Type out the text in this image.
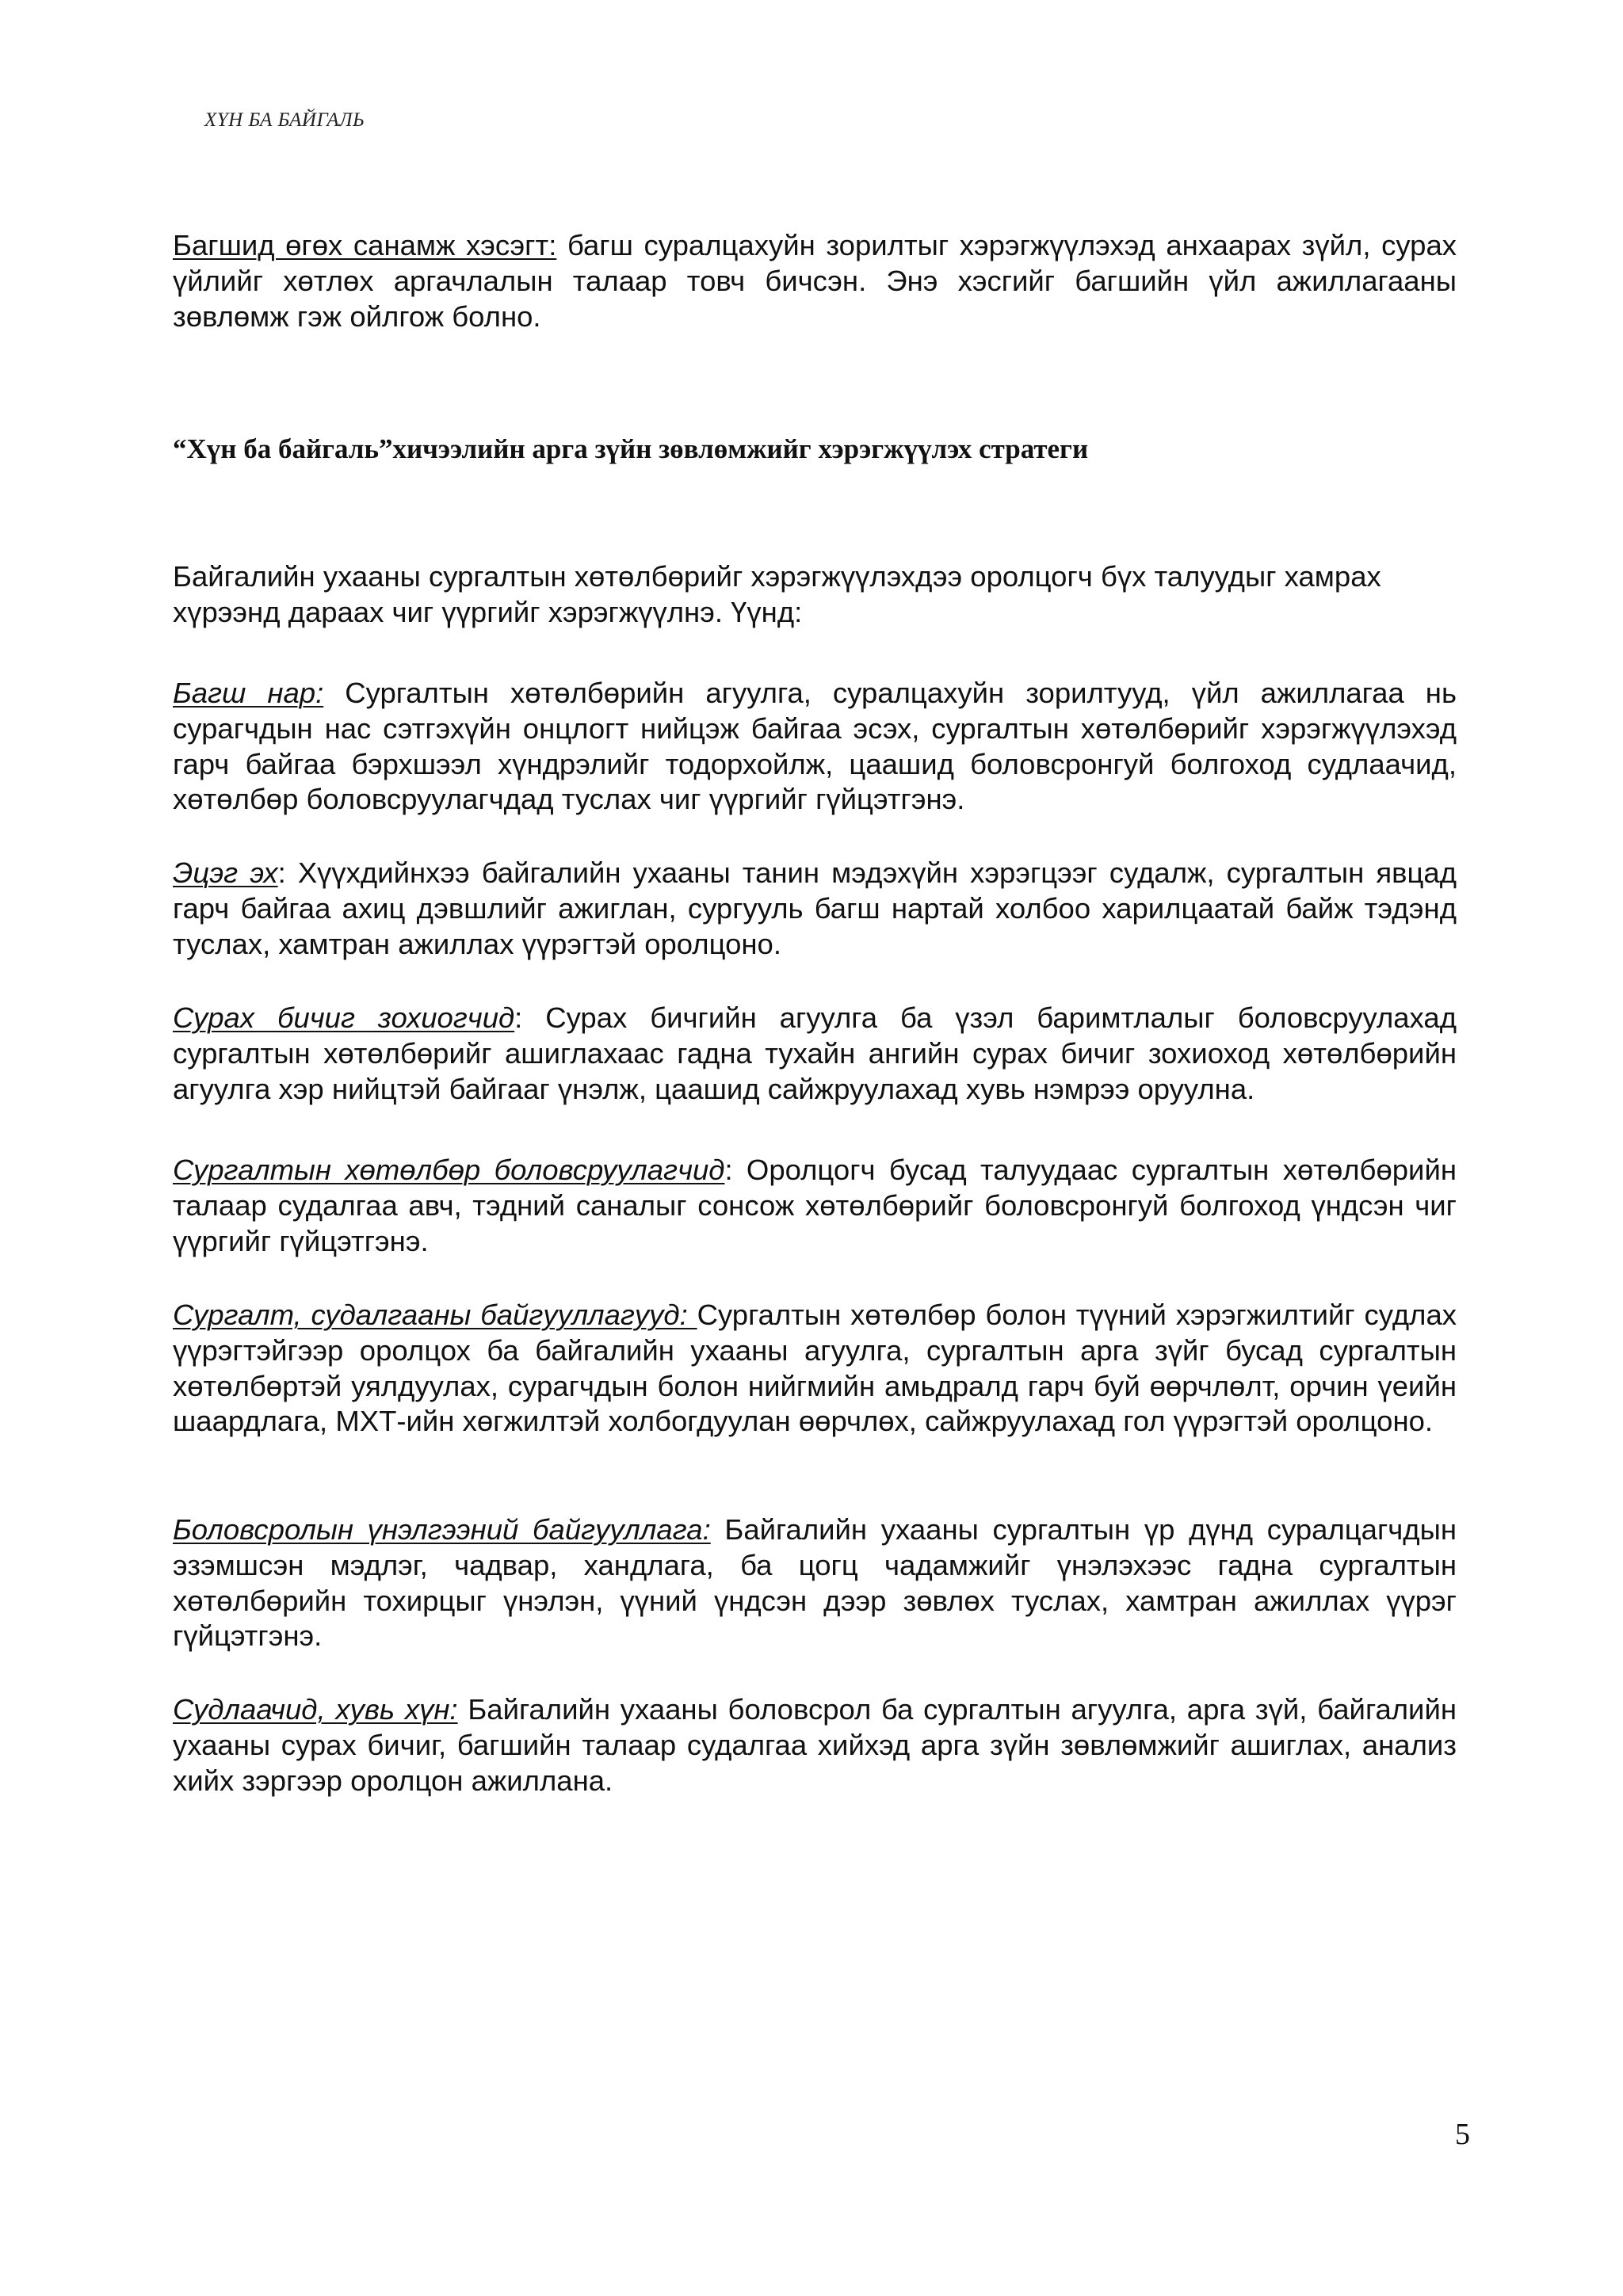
ХҮН БА БАЙГАЛЬ

Багшид өгөх санамж хэсэгт: багш суралцахуйн зорилтыг хэрэгжүүлэхэд анхаарах зүйл, сурах үйлийг хөтлөх аргачлалын талаар товч бичсэн. Энэ хэсгийг багшийн үйл ажиллагааны зөвлөмж гэж ойлгож болно.

“Хүн ба байгаль”хичээлийн арга зүйн зөвлөмжийг хэрэгжүүлэх стратеги

Байгалийн ухааны сургалтын хөтөлбөрийг хэрэгжүүлэхдээ оролцогч бүх талуудыг хамрах хүрээнд дараах чиг үүргийг хэрэгжүүлнэ. Үүнд:

Багш нар: Сургалтын хөтөлбөрийн агуулга, суралцахуйн зорилтууд, үйл ажиллагаа нь сурагчдын нас сэтгэхүйн онцлогт нийцэж байгаа эсэх, сургалтын хөтөлбөрийг хэрэгжүүлэхэд гарч байгаа бэрхшээл хүндрэлийг тодорхойлж, цаашид боловсронгуй болгоход судлаачид, хөтөлбөр боловсруулагчдад туслах чиг үүргийг гүйцэтгэнэ.

Эцэг эх: Хүүхдийнхээ байгалийн ухааны танин мэдэхүйн хэрэгцээг судалж, сургалтын явцад гарч байгаа ахиц дэвшлийг ажиглан, сургууль багш нартай холбоо харилцаатай байж тэдэнд туслах, хамтран ажиллах үүрэгтэй оролцоно.

Сурах бичиг зохиогчид: Сурах бичгийн агуулга ба үзэл баримтлалыг боловсруулахад сургалтын хөтөлбөрийг ашиглахаас гадна тухайн ангийн сурах бичиг зохиоход хөтөлбөрийн агуулга хэр нийцтэй байгааг үнэлж, цаашид сайжруулахад хувь нэмрээ оруулна.

Сургалтын хөтөлбөр боловсруулагчид: Оролцогч бусад талуудаас сургалтын хөтөлбөрийн талаар судалгаа авч, тэдний саналыг сонсож хөтөлбөрийг боловсронгуй болгоход үндсэн чиг үүргийг гүйцэтгэнэ.

Сургалт, судалгааны байгууллагууд: Сургалтын хөтөлбөр болон түүний хэрэгжилтийг судлах үүрэгтэйгээр оролцох ба байгалийн ухааны агуулга, сургалтын арга зүйг бусад сургалтын хөтөлбөртэй уялдуулах, сурагчдын болон нийгмийн амьдралд гарч буй өөрчлөлт, орчин үеийн шаардлага, МХТ-ийн хөгжилтэй холбогдуулан өөрчлөх, сайжруулахад гол үүрэгтэй оролцоно.

Боловсролын үнэлгээний байгууллага: Байгалийн ухааны сургалтын үр дүнд суралцагчдын эзэмшсэн мэдлэг, чадвар, хандлага, ба цогц чадамжийг үнэлэхээс гадна сургалтын хөтөлбөрийн тохирцыг үнэлэн, үүний үндсэн дээр зөвлөх туслах, хамтран ажиллах үүрэг гүйцэтгэнэ.

Судлаачид, хувь хүн: Байгалийн ухааны боловсрол ба сургалтын агуулга, арга зүй, байгалийн ухааны сурах бичиг, багшийн талаар судалгаа хийхэд арга зүйн зөвлөмжийг ашиглах, анализ хийх зэргээр оролцон ажиллана.

5
